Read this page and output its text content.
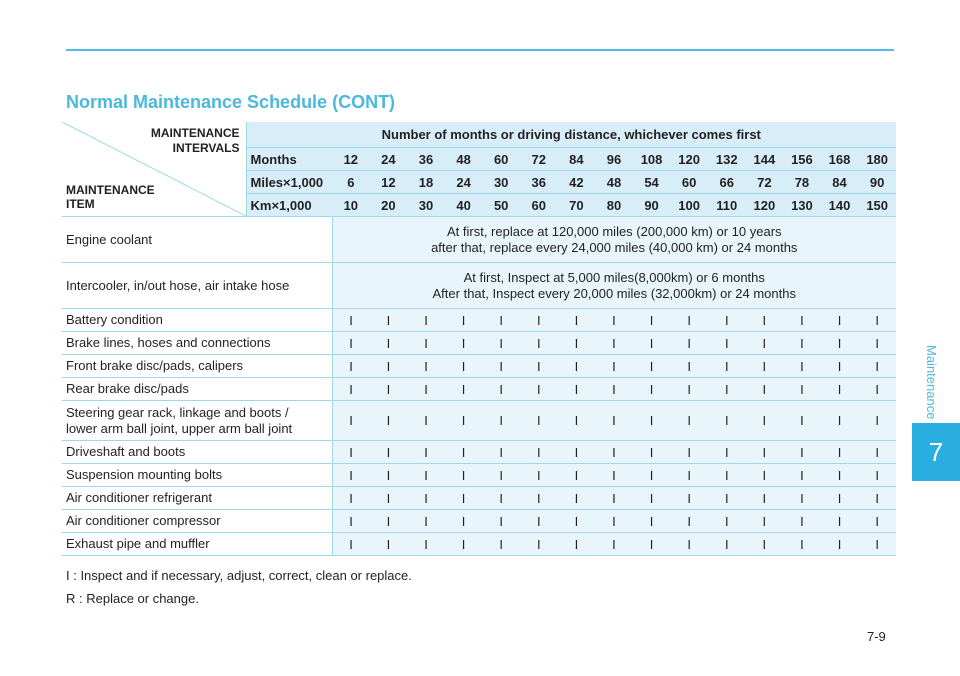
Normal Maintenance Schedule (CONT)
Maintenance
7
MAINTENANCE
INTERVALS
MAINTENANCE
ITEM	Number of months or driving distance, whichever comes first															
	Months	12	24	36	48	60	72	84	96	108	120	132	144	156	168	180
	Miles×1,000	6	12	18	24	30	36	42	48	54	60	66	72	78	84	90
	Km×1,000	10	20	30	40	50	60	70	80	90	100	110	120	130	140	150
Engine coolant		At first, replace at 120,000 miles (200,000 km) or 10 years
after that, replace every 24,000 miles (40,000 km) or 24 months														
Intercooler, in/out hose, air intake hose		At first, Inspect at 5,000 miles(8,000km) or 6 months
After that, Inspect every 20,000 miles (32,000km) or 24 months														
Battery condition		I	I	I	I	I	I	I	I	I	I	I	I	I	I	I
Brake lines, hoses and connections		I	I	I	I	I	I	I	I	I	I	I	I	I	I	I
Front brake disc/pads, calipers		I	I	I	I	I	I	I	I	I	I	I	I	I	I	I
Rear brake disc/pads		I	I	I	I	I	I	I	I	I	I	I	I	I	I	I
Steering gear rack, linkage and boots /
lower arm ball joint, upper arm ball joint		I	I	I	I	I	I	I	I	I	I	I	I	I	I	I
Driveshaft and boots		I	I	I	I	I	I	I	I	I	I	I	I	I	I	I
Suspension mounting bolts		I	I	I	I	I	I	I	I	I	I	I	I	I	I	I
Air conditioner refrigerant		I	I	I	I	I	I	I	I	I	I	I	I	I	I	I
Air conditioner compressor		I	I	I	I	I	I	I	I	I	I	I	I	I	I	I
Exhaust pipe and muffler		I	I	I	I	I	I	I	I	I	I	I	I	I	I	I
I : Inspect and if necessary, adjust, correct, clean or replace.
R : Replace or change.
7-9
